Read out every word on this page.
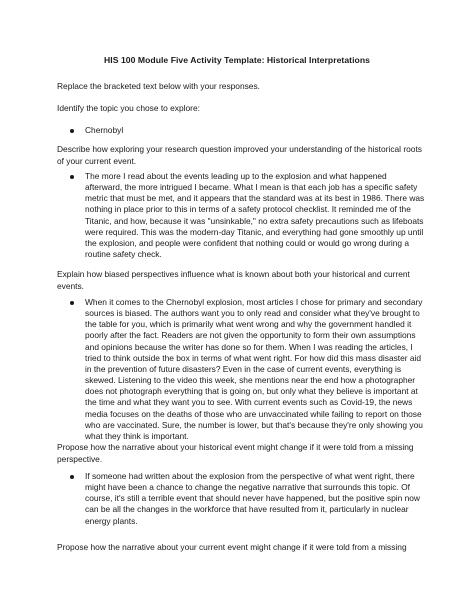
HIS 100 Module Five Activity Template: Historical Interpretations

Replace the bracketed text below with your responses.

Identify the topic you chose to explore:

Chernobyl

Describe how exploring your research question improved your understanding of the historical roots of your current event.

The more I read about the events leading up to the explosion and what happened afterward, the more intrigued I became. What I mean is that each job has a specific safety metric that must be met, and it appears that the standard was at its best in 1986. There was nothing in place prior to this in terms of a safety protocol checklist. It reminded me of the Titanic, and how, because it was "unsinkable," no extra safety precautions such as lifeboats were required. This was the modern-day Titanic, and everything had gone smoothly up until the explosion, and people were confident that nothing could or would go wrong during a routine safety check.

Explain how biased perspectives influence what is known about both your historical and current events.

When it comes to the Chernobyl explosion, most articles I chose for primary and secondary sources is biased. The authors want you to only read and consider what they've brought to the table for you, which is primarily what went wrong and why the government handled it poorly after the fact. Readers are not given the opportunity to form their own assumptions and opinions because the writer has done so for them. When I was reading the articles, I tried to think outside the box in terms of what went right. For how did this mass disaster aid in the prevention of future disasters? Even in the case of current events, everything is skewed. Listening to the video this week, she mentions near the end how a photographer does not photograph everything that is going on, but only what they believe is important at the time and what they want you to see. With current events such as Covid-19, the news media focuses on the deaths of those who are unvaccinated while failing to report on those who are vaccinated. Sure, the number is lower, but that's because they're only showing you what they think is important.

Propose how the narrative about your historical event might change if it were told from a missing perspective.

If someone had written about the explosion from the perspective of what went right, there might have been a chance to change the negative narrative that surrounds this topic. Of course, it's still a terrible event that should never have happened, but the positive spin now can be all the changes in the workforce that have resulted from it, particularly in nuclear energy plants.

Propose how the narrative about your current event might change if it were told from a missing
